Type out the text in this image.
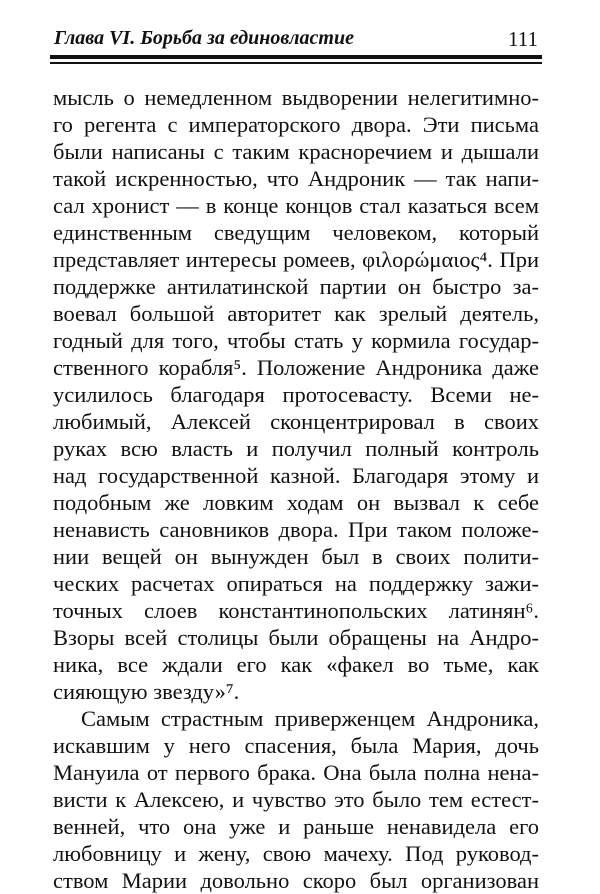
Глава VI. Борьба за единовластие	111
мысль о немедленном выдворении нелегитимно-
го регента с императорского двора. Эти письма
были написаны с таким красноречием и дышали
такой искренностью, что Андроник — так напи-
сал хронист — в конце концов стал казаться всем
единственным сведущим человеком, который
представляет интересы ромеев, φιλορώμαιος⁴. При
поддержке антилатинской партии он быстро за-
воевал большой авторитет как зрелый деятель,
годный для того, чтобы стать у кормила государ-
ственного корабля⁵. Положение Андроника даже
усилилось благодаря протосевасту. Всеми не-
любимый, Алексей сконцентрировал в своих
руках всю власть и получил полный контроль
над государственной казной. Благодаря этому и
подобным же ловким ходам он вызвал к себе
ненависть сановников двора. При таком положе-
нии вещей он вынужден был в своих полити-
ческих расчетах опираться на поддержку зажи-
точных слоев константинопольских латинян⁶.
Взоры всей столицы были обращены на Андро-
ника, все ждали его как «факел во тьме, как
сияющую звезду»⁷.
Самым страстным приверженцем Андроника,
искавшим у него спасения, была Мария, дочь
Мануила от первого брака. Она была полна нена-
висти к Алексею, и чувство это было тем естест-
венней, что она уже и раньше ненавидела его
любовницу и жену, свою мачеху. Под руковод-
ством Марии довольно скоро был организован
